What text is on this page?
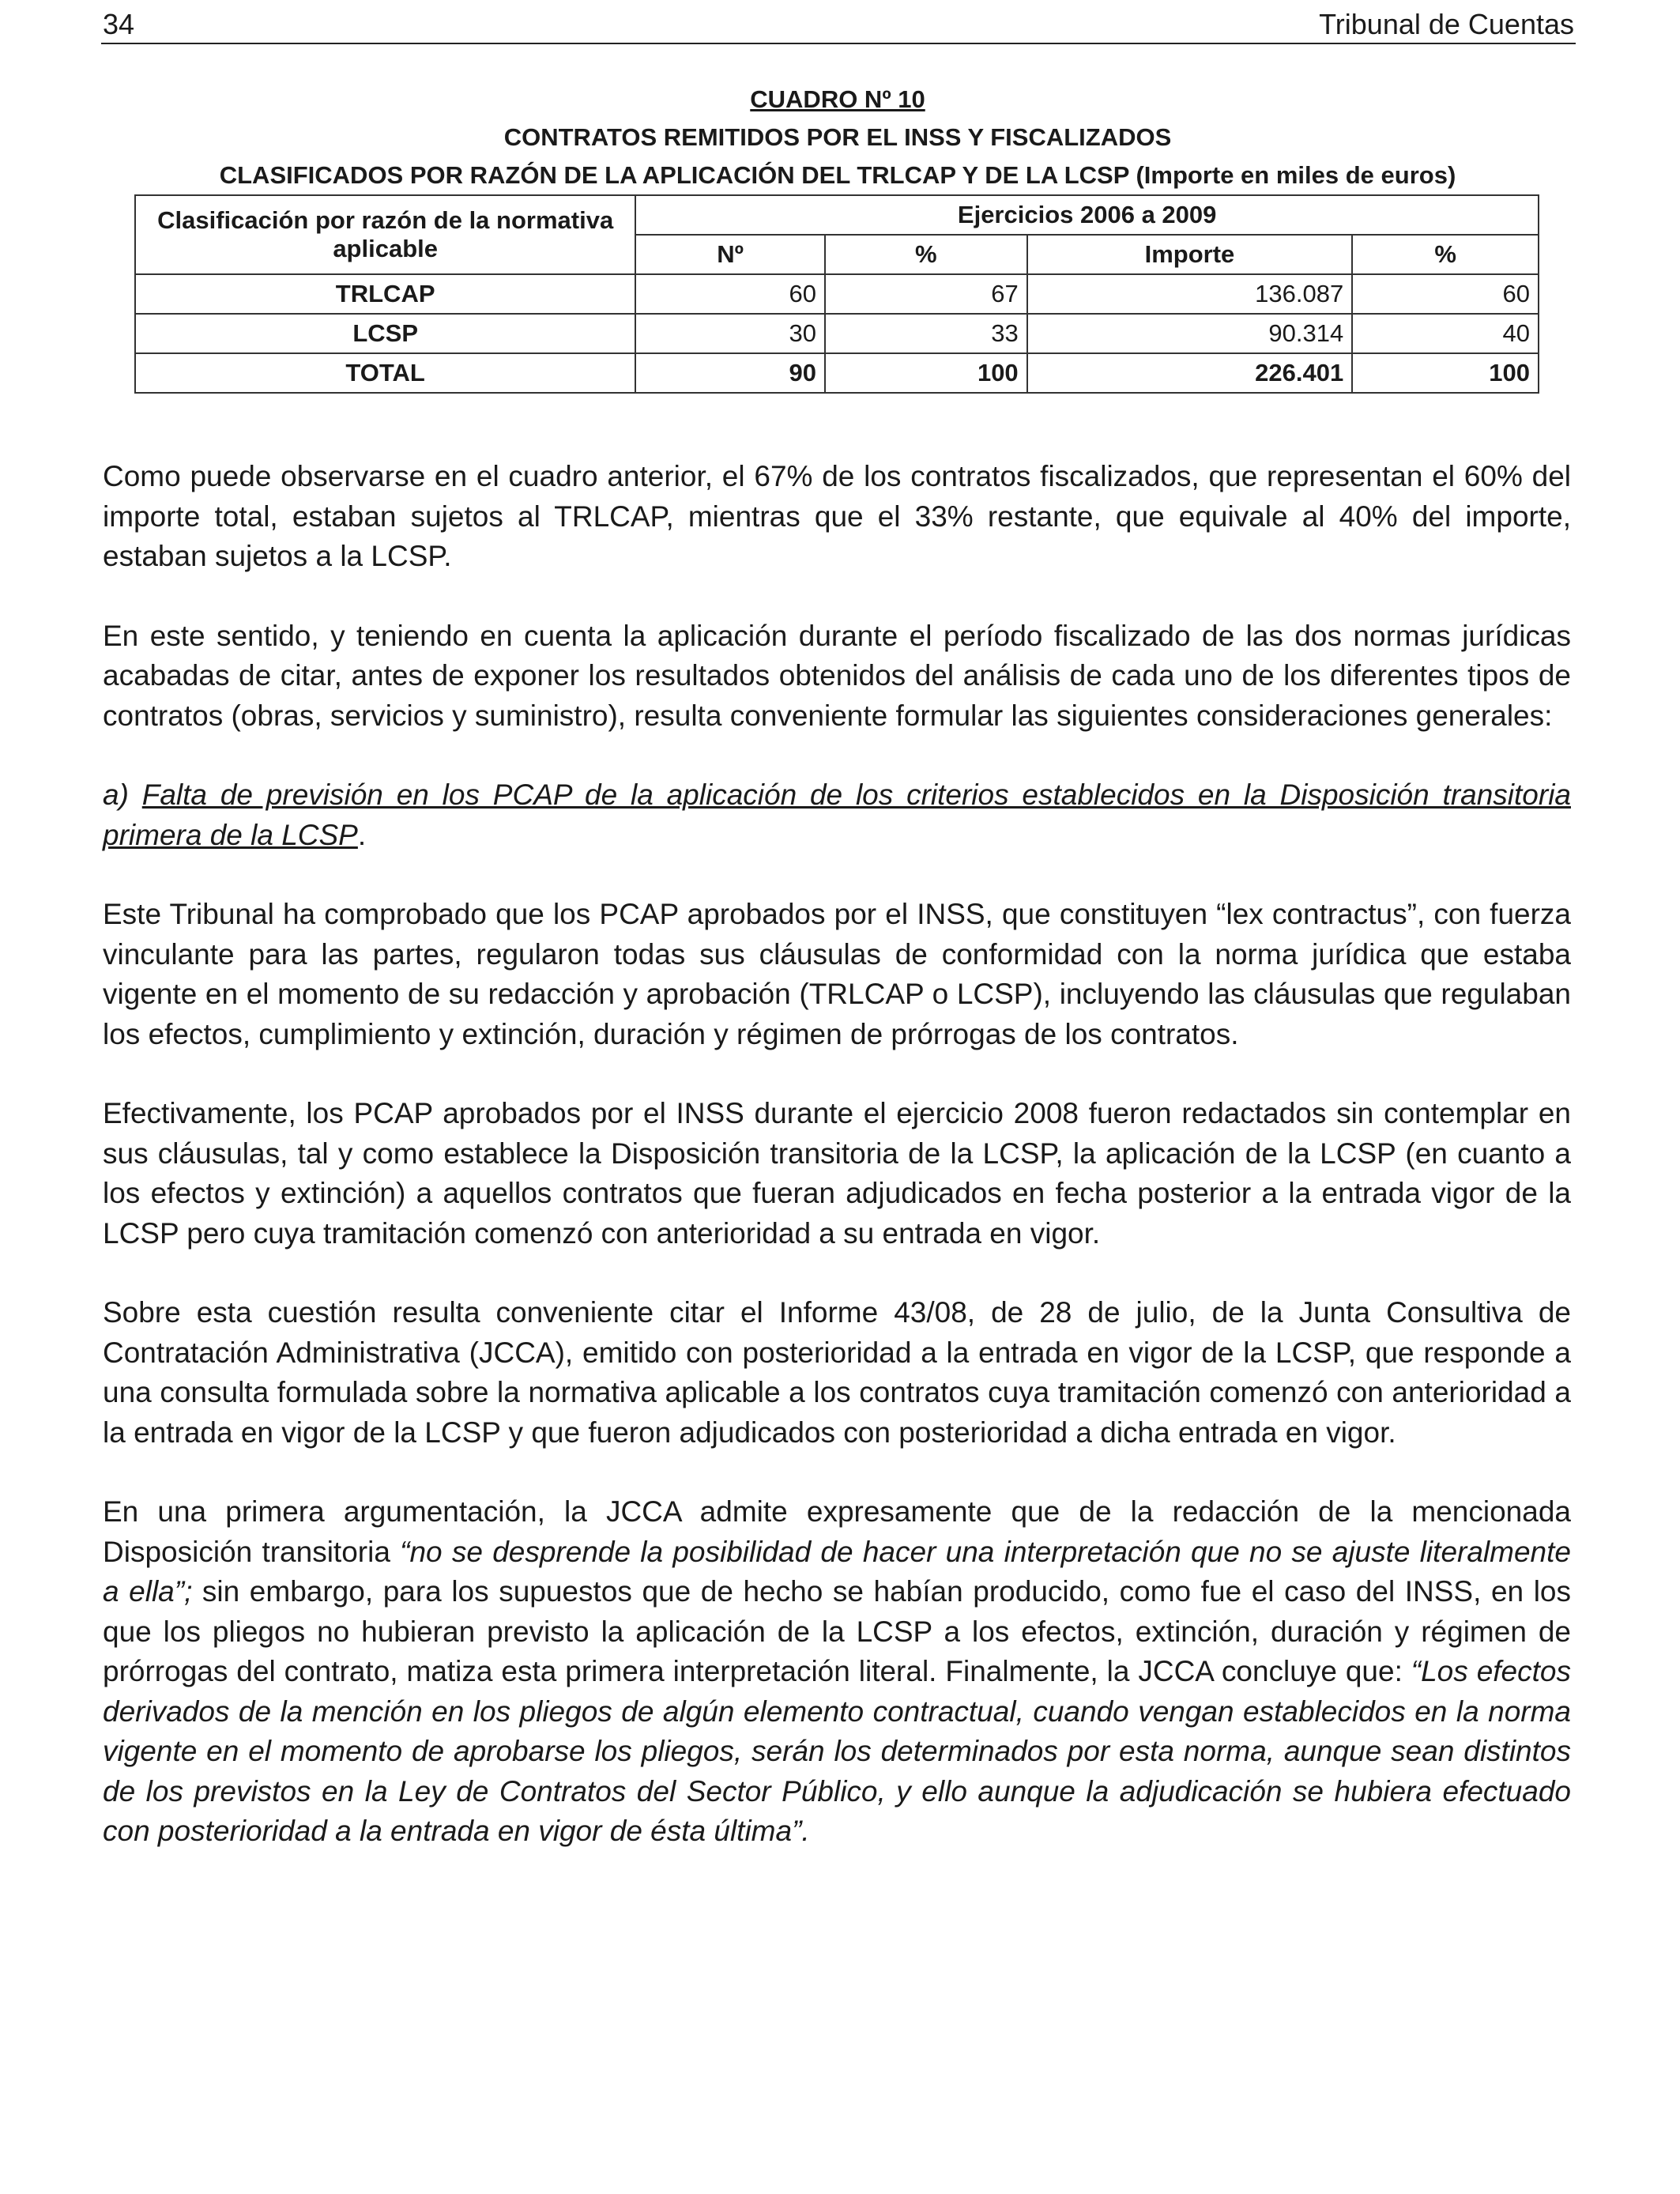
34	Tribunal de Cuentas
CUADRO Nº 10
CONTRATOS REMITIDOS POR EL INSS Y FISCALIZADOS
CLASIFICADOS POR RAZÓN DE LA APLICACIÓN DEL TRLCAP Y DE LA LCSP (Importe en miles de euros)
Clasificación por razón de la normativa aplicable	Ejercicios 2006 a 2009			
	Nº	%	Importe	%
TRLCAP	60	67	136.087	60
LCSP	30	33	90.314	40
TOTAL	90	100	226.401	100

Como puede observarse en el cuadro anterior, el 67% de los contratos fiscalizados, que representan el 60% del importe total, estaban sujetos al TRLCAP, mientras que el 33% restante, que equivale al 40% del importe, estaban sujetos a la LCSP.

En este sentido, y teniendo en cuenta la aplicación durante el período fiscalizado de las dos normas jurídicas acabadas de citar, antes de exponer los resultados obtenidos del análisis de cada uno de los diferentes tipos de contratos (obras, servicios y suministro), resulta conveniente formular las siguientes consideraciones generales:

a) Falta de previsión en los PCAP de la aplicación de los criterios establecidos en la Disposición transitoria primera de la LCSP.

Este Tribunal ha comprobado que los PCAP aprobados por el INSS, que constituyen “lex contractus”, con fuerza vinculante para las partes, regularon todas sus cláusulas de conformidad con la norma jurídica que estaba vigente en el momento de su redacción y aprobación (TRLCAP o LCSP), incluyendo las cláusulas que regulaban los efectos, cumplimiento y extinción, duración y régimen de prórrogas de los contratos.

Efectivamente, los PCAP aprobados por el INSS durante el ejercicio 2008 fueron redactados sin contemplar en sus cláusulas, tal y como establece la Disposición transitoria de la LCSP, la aplicación de la LCSP (en cuanto a los efectos y extinción) a aquellos contratos que fueran adjudicados en fecha posterior a la entrada vigor de la LCSP pero cuya tramitación comenzó con anterioridad a su entrada en vigor.

Sobre esta cuestión resulta conveniente citar el Informe 43/08, de 28 de julio, de la Junta Consultiva de Contratación Administrativa (JCCA), emitido con posterioridad a la entrada en vigor de la LCSP, que responde a una consulta formulada sobre la normativa aplicable a los contratos cuya tramitación comenzó con anterioridad a la entrada en vigor de la LCSP y que fueron adjudicados con posterioridad a dicha entrada en vigor.

En una primera argumentación, la JCCA admite expresamente que de la redacción de la mencionada Disposición transitoria “no se desprende la posibilidad de hacer una interpretación que no se ajuste literalmente a ella”; sin embargo, para los supuestos que de hecho se habían producido, como fue el caso del INSS, en los que los pliegos no hubieran previsto la aplicación de la LCSP a los efectos, extinción, duración y régimen de prórrogas del contrato, matiza esta primera interpretación literal. Finalmente, la JCCA concluye que: “Los efectos derivados de la mención en los pliegos de algún elemento contractual, cuando vengan establecidos en la norma vigente en el momento de aprobarse los pliegos, serán los determinados por esta norma, aunque sean distintos de los previstos en la Ley de Contratos del Sector Público, y ello aunque la adjudicación se hubiera efectuado con posterioridad a la entrada en vigor de ésta última”.
